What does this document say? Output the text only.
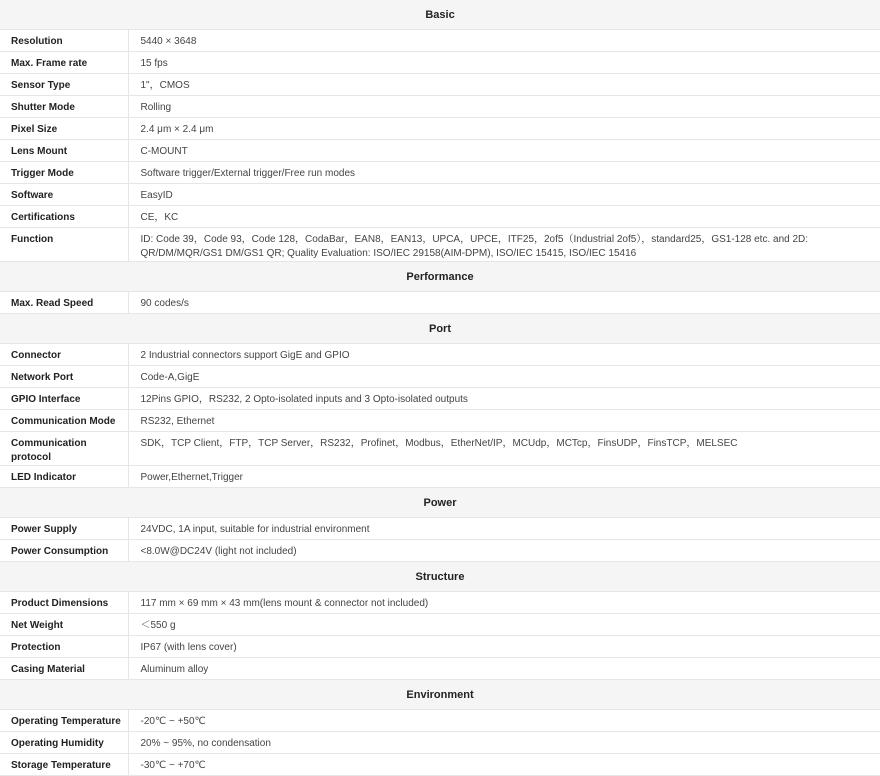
Basic	
Resolution	5440 × 3648
Max. Frame rate	15 fps
Sensor Type	1"，CMOS
Shutter Mode	Rolling
Pixel Size	2.4 μm × 2.4 μm
Lens Mount	C-MOUNT
Trigger Mode	Software trigger/External trigger/Free run modes
Software	EasyID
Certifications	CE，KC
Function	ID: Code 39，Code 93，Code 128，CodaBar，EAN8，EAN13，UPCA，UPCE，ITF25，2of5（Industrial 2of5），standard25，GS1-128 etc. and 2D: QR/DM/MQR/GS1 DM/GS1 QR; Quality Evaluation: ISO/IEC 29158(AIM-DPM), ISO/IEC 15415, ISO/IEC 15416
Performance	
Max. Read Speed	90 codes/s
Port	
Connector	2 Industrial connectors support GigE and GPIO
Network Port	Code-A,GigE
GPIO Interface	12Pins GPIO，RS232, 2 Opto-isolated inputs and 3 Opto-isolated outputs
Communication Mode	RS232, Ethernet
Communication protocol	SDK，TCP Client，FTP，TCP Server，RS232，Profinet，Modbus，EtherNet/IP，MCUdp，MCTcp，FinsUDP，FinsTCP，MELSEC
LED Indicator	Power,Ethernet,Trigger
Power	
Power Supply	24VDC, 1A input, suitable for industrial environment
Power Consumption	<8.0W@DC24V (light not included)
Structure	
Product Dimensions	117 mm × 69 mm × 43 mm(lens mount & connector not included)
Net Weight	＜550 g
Protection	IP67 (with lens cover)
Casing Material	Aluminum alloy
Environment	
Operating Temperature	-20℃ ~ +50℃
Operating Humidity	20% ~ 95%, no condensation
Storage Temperature	-30℃ ~ +70℃
